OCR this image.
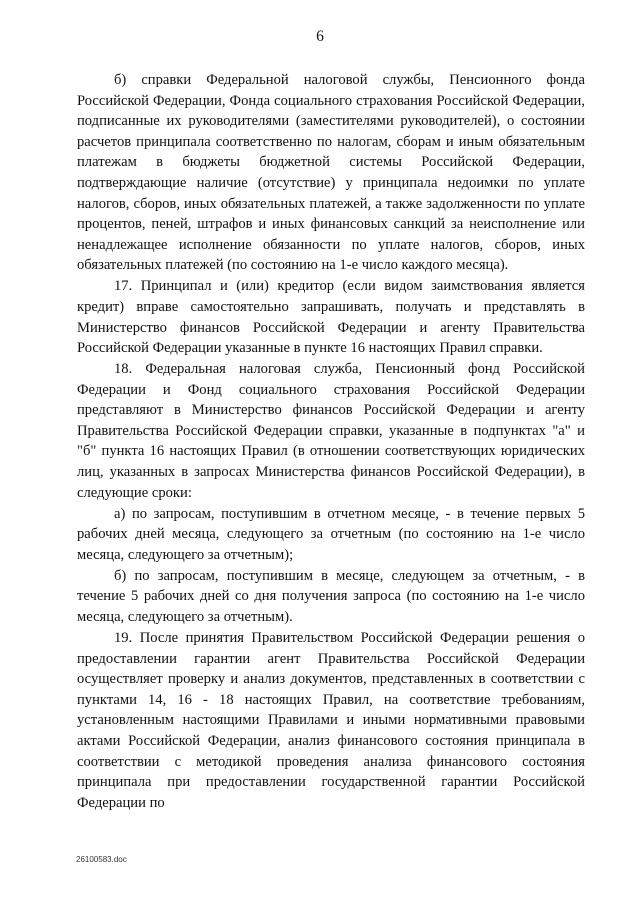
6

б) справки Федеральной налоговой службы, Пенсионного фонда Российской Федерации, Фонда социального страхования Российской Федерации, подписанные их руководителями (заместителями руководителей), о состоянии расчетов принципала соответственно по налогам, сборам и иным обязательным платежам в бюджеты бюджетной системы Российской Федерации, подтверждающие наличие (отсутствие) у принципала недоимки по уплате налогов, сборов, иных обязательных платежей, а также задолженности по уплате процентов, пеней, штрафов и иных финансовых санкций за неисполнение или ненадлежащее исполнение обязанности по уплате налогов, сборов, иных обязательных платежей (по состоянию на 1-е число каждого месяца).

17. Принципал и (или) кредитор (если видом заимствования является кредит) вправе самостоятельно запрашивать, получать и представлять в Министерство финансов Российской Федерации и агенту Правительства Российской Федерации указанные в пункте 16 настоящих Правил справки.

18. Федеральная налоговая служба, Пенсионный фонд Российской Федерации и Фонд социального страхования Российской Федерации представляют в Министерство финансов Российской Федерации и агенту Правительства Российской Федерации справки, указанные в подпунктах "а" и "б" пункта 16 настоящих Правил (в отношении соответствующих юридических лиц, указанных в запросах Министерства финансов Российской Федерации), в следующие сроки:

а) по запросам, поступившим в отчетном месяце, - в течение первых 5 рабочих дней месяца, следующего за отчетным (по состоянию на 1-е число месяца, следующего за отчетным);

б) по запросам, поступившим в месяце, следующем за отчетным, - в течение 5 рабочих дней со дня получения запроса (по состоянию на 1-е число месяца, следующего за отчетным).

19. После принятия Правительством Российской Федерации решения о предоставлении гарантии агент Правительства Российской Федерации осуществляет проверку и анализ документов, представленных в соответствии с пунктами 14, 16 - 18 настоящих Правил, на соответствие требованиям, установленным настоящими Правилами и иными нормативными правовыми актами Российской Федерации, анализ финансового состояния принципала в соответствии с методикой проведения анализа финансового состояния принципала при предоставлении государственной гарантии Российской Федерации по

26100583.doc
